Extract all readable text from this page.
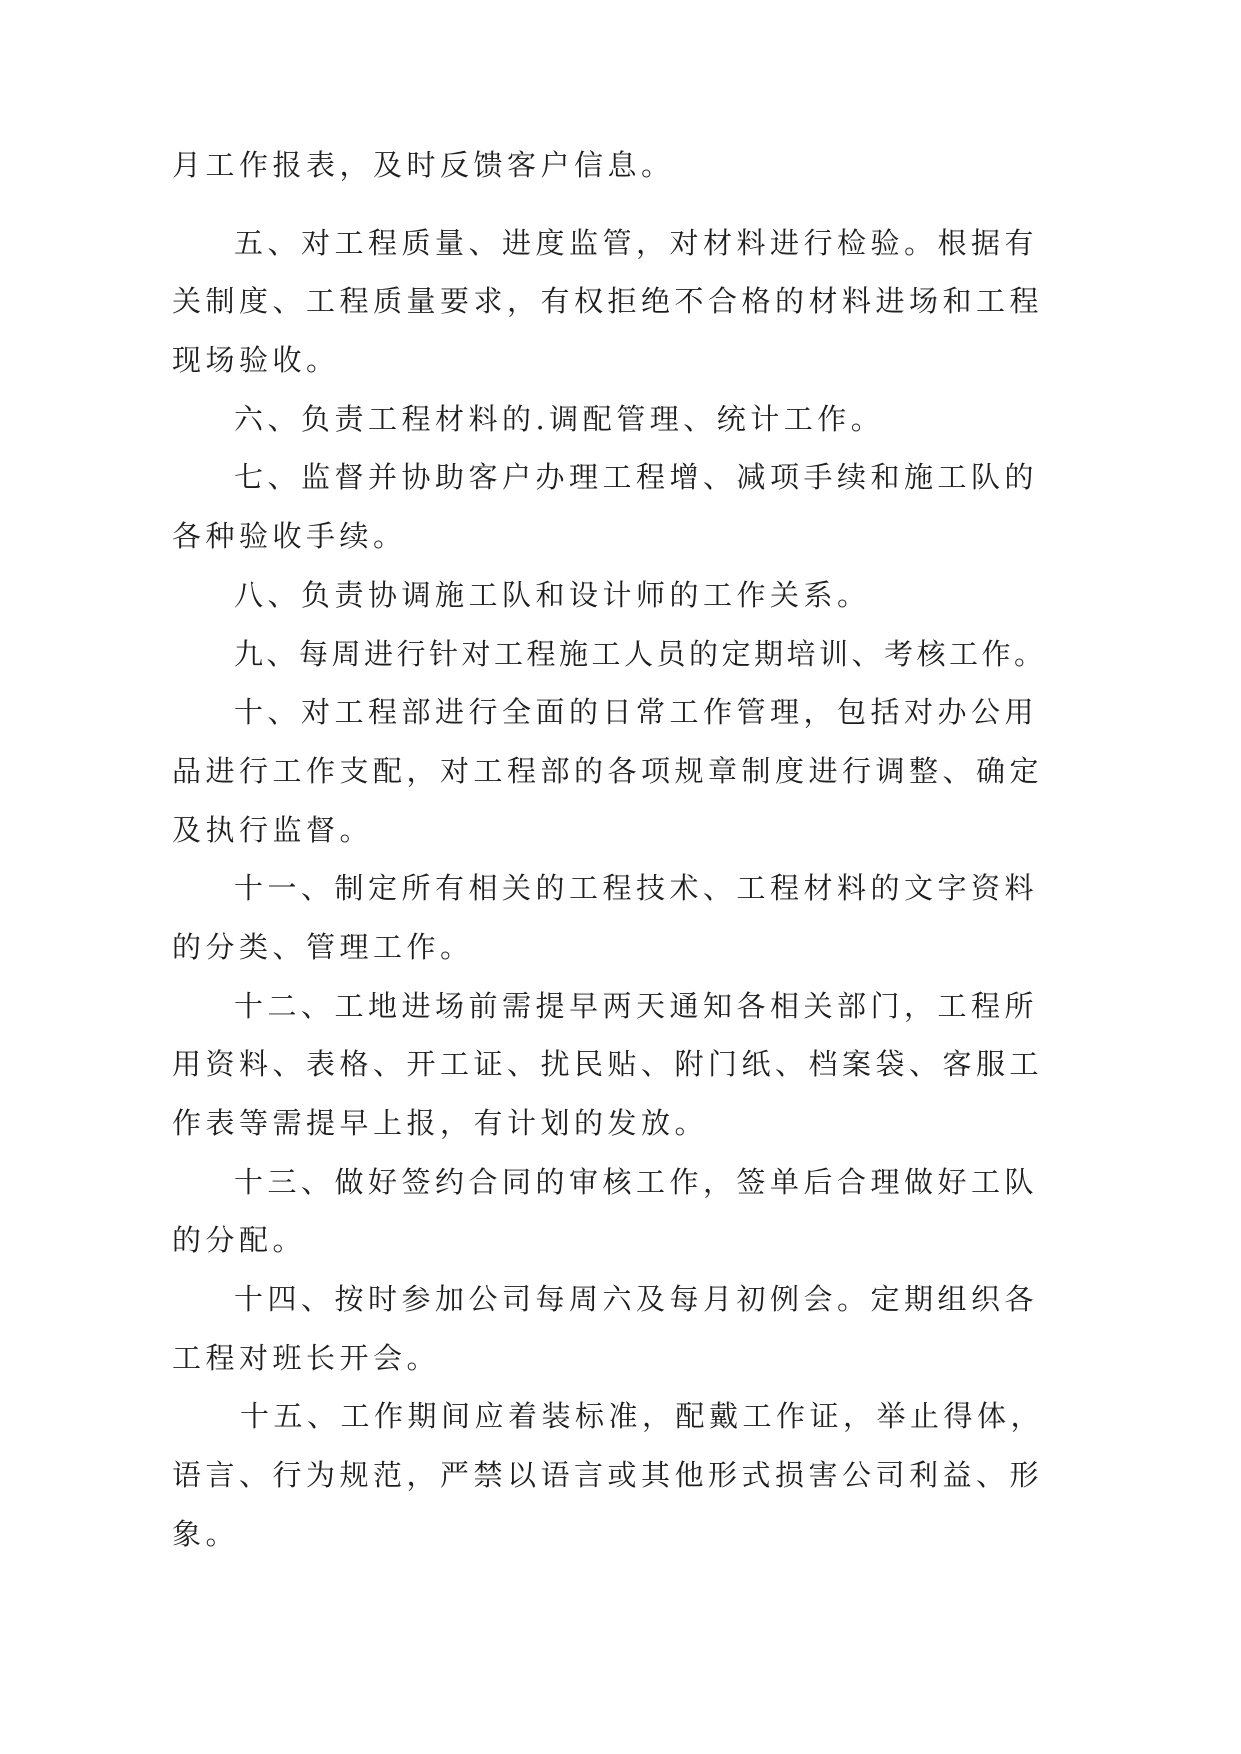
月工作报表，及时反馈客户信息。
五、对工程质量、进度监管，对材料进行检验。根据有
关制度、工程质量要求，有权拒绝不合格的材料进场和工程
现场验收。
六、负责工程材料的.调配管理、统计工作。
七、监督并协助客户办理工程增、减项手续和施工队的
各种验收手续。
八、负责协调施工队和设计师的工作关系。
九、每周进行针对工程施工人员的定期培训、考核工作。
十、对工程部进行全面的日常工作管理，包括对办公用
品进行工作支配，对工程部的各项规章制度进行调整、确定
及执行监督。
十一、制定所有相关的工程技术、工程材料的文字资料
的分类、管理工作。
十二、工地进场前需提早两天通知各相关部门，工程所
用资料、表格、开工证、扰民贴、附门纸、档案袋、客服工
作表等需提早上报，有计划的发放。
十三、做好签约合同的审核工作，签单后合理做好工队
的分配。
十四、按时参加公司每周六及每月初例会。定期组织各
工程对班长开会。
十五、工作期间应着装标准，配戴工作证，举止得体，
语言、行为规范，严禁以语言或其他形式损害公司利益、形
象。
